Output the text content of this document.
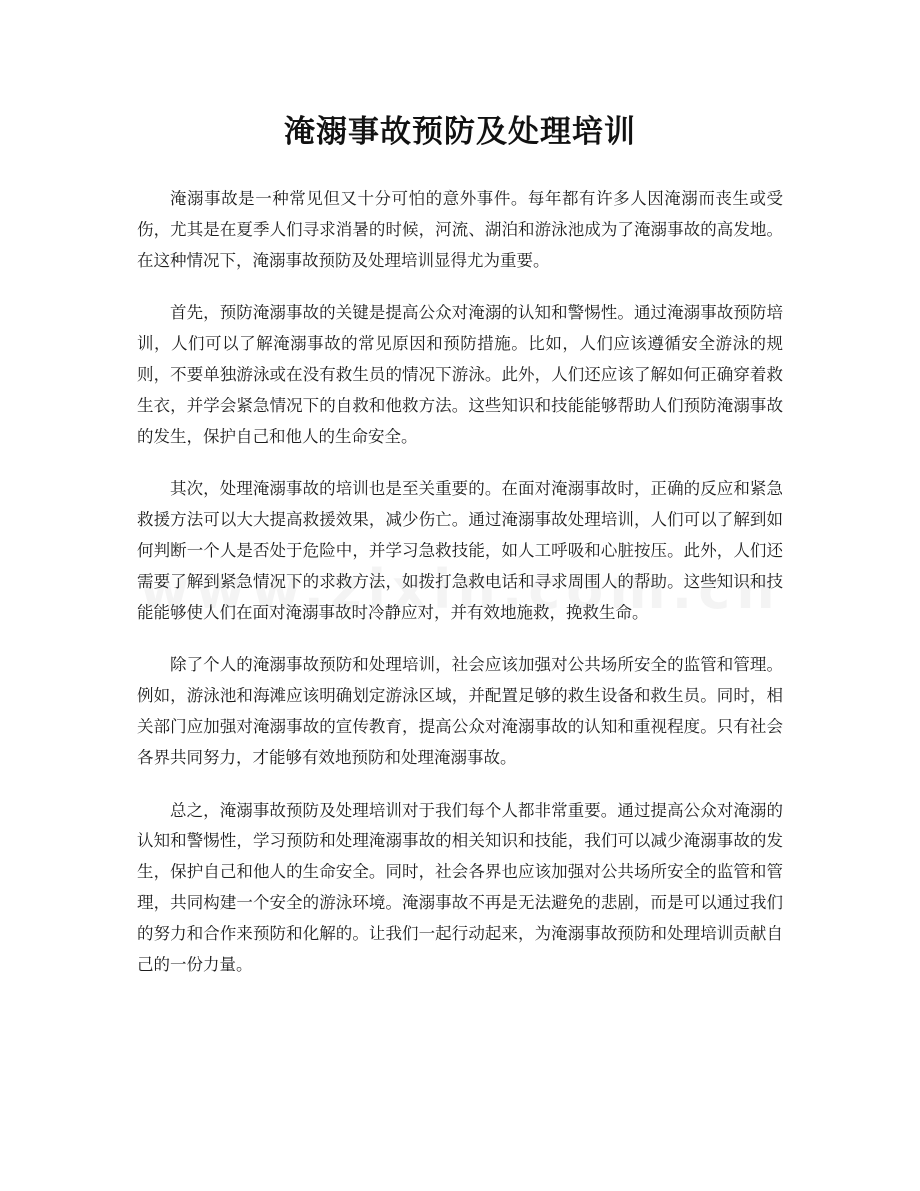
淹溺事故预防及处理培训

淹溺事故是一种常见但又十分可怕的意外事件。每年都有许多人因淹溺而丧生或受伤，尤其是在夏季人们寻求消暑的时候，河流、湖泊和游泳池成为了淹溺事故的高发地。在这种情况下，淹溺事故预防及处理培训显得尤为重要。

首先，预防淹溺事故的关键是提高公众对淹溺的认知和警惕性。通过淹溺事故预防培训，人们可以了解淹溺事故的常见原因和预防措施。比如，人们应该遵循安全游泳的规则，不要单独游泳或在没有救生员的情况下游泳。此外，人们还应该了解如何正确穿着救生衣，并学会紧急情况下的自救和他救方法。这些知识和技能能够帮助人们预防淹溺事故的发生，保护自己和他人的生命安全。

其次，处理淹溺事故的培训也是至关重要的。在面对淹溺事故时，正确的反应和紧急救援方法可以大大提高救援效果，减少伤亡。通过淹溺事故处理培训，人们可以了解到如何判断一个人是否处于危险中，并学习急救技能，如人工呼吸和心脏按压。此外，人们还需要了解到紧急情况下的求救方法，如拨打急救电话和寻求周围人的帮助。这些知识和技能能够使人们在面对淹溺事故时冷静应对，并有效地施救，挽救生命。

除了个人的淹溺事故预防和处理培训，社会应该加强对公共场所安全的监管和管理。例如，游泳池和海滩应该明确划定游泳区域，并配置足够的救生设备和救生员。同时，相关部门应加强对淹溺事故的宣传教育，提高公众对淹溺事故的认知和重视程度。只有社会各界共同努力，才能够有效地预防和处理淹溺事故。

总之，淹溺事故预防及处理培训对于我们每个人都非常重要。通过提高公众对淹溺的认知和警惕性，学习预防和处理淹溺事故的相关知识和技能，我们可以减少淹溺事故的发生，保护自己和他人的生命安全。同时，社会各界也应该加强对公共场所安全的监管和管理，共同构建一个安全的游泳环境。淹溺事故不再是无法避免的悲剧，而是可以通过我们的努力和合作来预防和化解的。让我们一起行动起来，为淹溺事故预防和处理培训贡献自己的一份力量。
